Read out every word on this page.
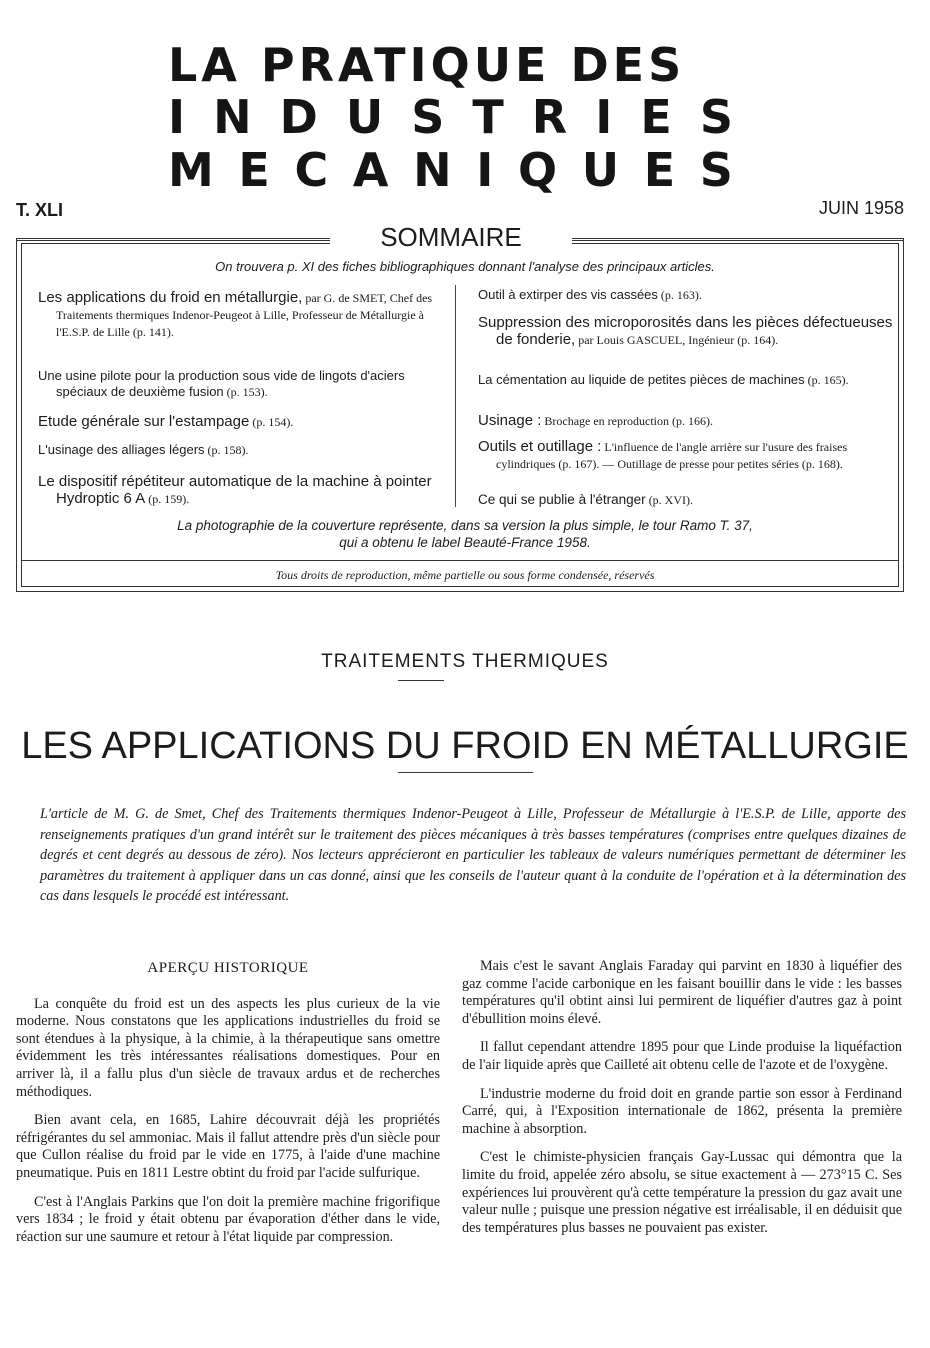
LA PRATIQUE DES
I N D U S T R I E S
M E C A N I Q U E S
T. XLI	JUIN 1958
SOMMAIRE
On trouvera p. XI des fiches bibliographiques donnant l'analyse des principaux articles.
Les applications du froid en métallurgie, par G. de SMET, Chef des Traitements thermiques Indenor-Peugeot à Lille, Professeur de Métallurgie à l'E.S.P. de Lille (p. 141).
Une usine pilote pour la production sous vide de lingots d'aciers spéciaux de deuxième fusion (p. 153).
Etude générale sur l'estampage (p. 154).
L'usinage des alliages légers (p. 158).
Le dispositif répétiteur automatique de la machine à pointer Hydroptic 6 A (p. 159).
Outil à extirper des vis cassées (p. 163).
Suppression des microporosités dans les pièces défectueuses de fonderie, par Louis GASCUEL, Ingénieur (p. 164).
La cémentation au liquide de petites pièces de machines (p. 165).
Usinage : Brochage en reproduction (p. 166).
Outils et outillage : L'influence de l'angle arrière sur l'usure des fraises cylindriques (p. 167). — Outillage de presse pour petites séries (p. 168).
Ce qui se publie à l'étranger (p. XVI).
La photographie de la couverture représente, dans sa version la plus simple, le tour Ramo T. 37,
qui a obtenu le label Beauté-France 1958.
Tous droits de reproduction, même partielle ou sous forme condensée, réservés
TRAITEMENTS THERMIQUES
LES APPLICATIONS DU FROID EN MÉTALLURGIE
L'article de M. G. de Smet, Chef des Traitements thermiques Indenor-Peugeot à Lille, Professeur de Métallurgie à l'E.S.P. de Lille, apporte des renseignements pratiques d'un grand intérêt sur le traitement des pièces mécaniques à très basses températures (comprises entre quelques dizaines de degrés et cent degrés au dessous de zéro). Nos lecteurs apprécieront en particulier les tableaux de valeurs numériques permettant de déterminer les paramètres du traitement à appliquer dans un cas donné, ainsi que les conseils de l'auteur quant à la conduite de l'opération et à la détermination des cas dans lesquels le procédé est intéressant.
APERÇU HISTORIQUE

La conquête du froid est un des aspects les plus curieux de la vie moderne. Nous constatons que les applications industrielles du froid se sont étendues à la physique, à la chimie, à la thérapeutique sans omettre évidemment les très intéressantes réalisations domestiques. Pour en arriver là, il a fallu plus d'un siècle de travaux ardus et de recherches méthodiques.

Bien avant cela, en 1685, Lahire découvrait déjà les propriétés réfrigérantes du sel ammoniac. Mais il fallut attendre près d'un siècle pour que Cullon réalise du froid par le vide en 1775, à l'aide d'une machine pneumatique. Puis en 1811 Lestre obtint du froid par l'acide sulfurique.

C'est à l'Anglais Parkins que l'on doit la première machine frigorifique vers 1834 ; le froid y était obtenu par évaporation d'éther dans le vide, réaction sur une saumure et retour à l'état liquide par compression.

Mais c'est le savant Anglais Faraday qui parvint en 1830 à liquéfier des gaz comme l'acide carbonique en les faisant bouillir dans le vide : les basses températures qu'il obtint ainsi lui permirent de liquéfier d'autres gaz à point d'ébullition moins élevé.

Il fallut cependant attendre 1895 pour que Linde produise la liquéfaction de l'air liquide après que Cailleté ait obtenu celle de l'azote et de l'oxygène.

L'industrie moderne du froid doit en grande partie son essor à Ferdinand Carré, qui, à l'Exposition internationale de 1862, présenta la première machine à absorption.

C'est le chimiste-physicien français Gay-Lussac qui démontra que la limite du froid, appelée zéro absolu, se situe exactement à — 273°15 C. Ses expériences lui prouvèrent qu'à cette température la pression du gaz avait une valeur nulle ; puisque une pression négative est irréalisable, il en déduisit que des températures plus basses ne pouvaient pas exister.
